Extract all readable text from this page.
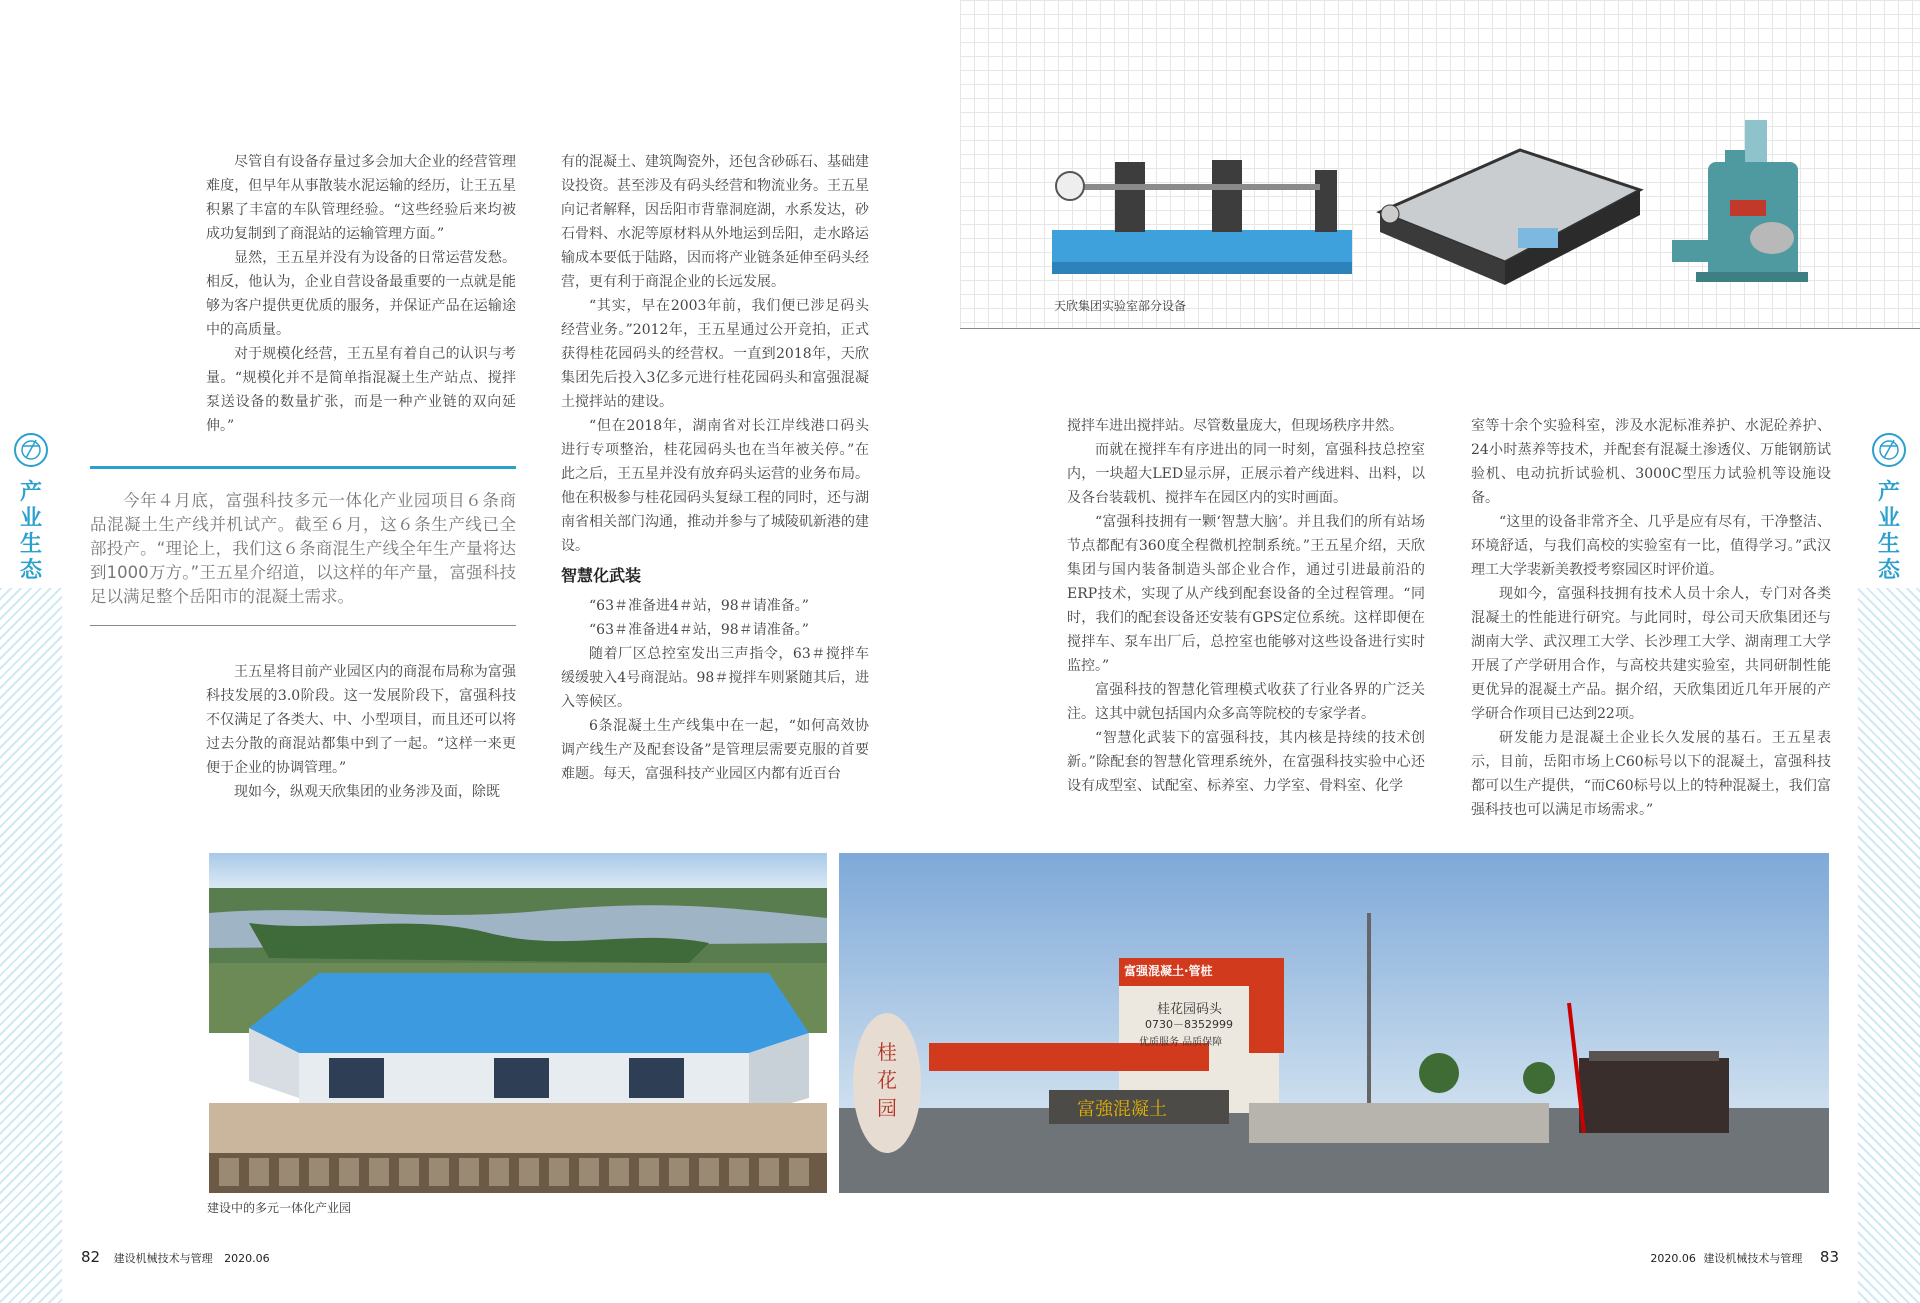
产业生态
产业生态

尽管自有设备存量过多会加大企业的经营管理难度，但早年从事散装水泥运输的经历，让王五星积累了丰富的车队管理经验。“这些经验后来均被成功复制到了商混站的运输管理方面。”

显然，王五星并没有为设备的日常运营发愁。相反，他认为，企业自营设备最重要的一点就是能够为客户提供更优质的服务，并保证产品在运输途中的高质量。

对于规模化经营，王五星有着自己的认识与考量。“规模化并不是简单指混凝土生产站点、搅拌泵送设备的数量扩张，而是一种产业链的双向延伸。”

今年４月底，富强科技多元一体化产业园项目６条商品混凝土生产线并机试产。截至６月，这６条生产线已全部投产。“理论上，我们这６条商混生产线全年生产量将达到1000万方。”王五星介绍道，以这样的年产量，富强科技足以满足整个岳阳市的混凝土需求。

王五星将目前产业园区内的商混布局称为富强科技发展的3.0阶段。这一发展阶段下，富强科技不仅满足了各类大、中、小型项目，而且还可以将过去分散的商混站都集中到了一起。“这样一来更便于企业的协调管理。”

现如今，纵观天欣集团的业务涉及面，除既

有的混凝土、建筑陶瓷外，还包含砂砾石、基础建设投资。甚至涉及有码头经营和物流业务。王五星向记者解释，因岳阳市背靠洞庭湖，水系发达，砂石骨料、水泥等原材料从外地运到岳阳，走水路运输成本要低于陆路，因而将产业链条延伸至码头经营，更有利于商混企业的长远发展。

“其实，早在2003年前，我们便已涉足码头经营业务。”2012年，王五星通过公开竞拍，正式获得桂花园码头的经营权。一直到2018年，天欣集团先后投入3亿多元进行桂花园码头和富强混凝土搅拌站的建设。

“但在2018年，湖南省对长江岸线港口码头进行专项整治，桂花园码头也在当年被关停。”在此之后，王五星并没有放弃码头运营的业务布局。他在积极参与桂花园码头复绿工程的同时，还与湖南省相关部门沟通，推动并参与了城陵矶新港的建设。

智慧化武装

“63＃准备进4＃站，98＃请准备。”

“63＃准备进4＃站，98＃请准备。”

随着厂区总控室发出三声指令，63＃搅拌车缓缓驶入4号商混站。98＃搅拌车则紧随其后，进入等候区。

6条混凝土生产线集中在一起，“如何高效协调产线生产及配套设备”是管理层需要克服的首要难题。每天，富强科技产业园区内都有近百台

天欣集团实验室部分设备

搅拌车进出搅拌站。尽管数量庞大，但现场秩序井然。

而就在搅拌车有序进出的同一时刻，富强科技总控室内，一块超大LED显示屏，正展示着产线进料、出料，以及各台装载机、搅拌车在园区内的实时画面。

“富强科技拥有一颗‘智慧大脑’。并且我们的所有站场节点都配有360度全程微机控制系统。”王五星介绍，天欣集团与国内装备制造头部企业合作，通过引进最前沿的ERP技术，实现了从产线到配套设备的全过程管理。“同时，我们的配套设备还安装有GPS定位系统。这样即便在搅拌车、泵车出厂后，总控室也能够对这些设备进行实时监控。”

富强科技的智慧化管理模式收获了行业各界的广泛关注。这其中就包括国内众多高等院校的专家学者。

“智慧化武装下的富强科技，其内核是持续的技术创新。”除配套的智慧化管理系统外，在富强科技实验中心还设有成型室、试配室、标养室、力学室、骨料室、化学

室等十余个实验科室，涉及水泥标准养护、水泥砼养护、24小时蒸养等技术，并配套有混凝土渗透仪、万能钢筋试验机、电动抗折试验机、3000C型压力试验机等设施设备。

“这里的设备非常齐全、几乎是应有尽有，干净整洁、环境舒适，与我们高校的实验室有一比，值得学习。”武汉理工大学裴新美教授考察园区时评价道。

现如今，富强科技拥有技术人员十余人，专门对各类混凝土的性能进行研究。与此同时，母公司天欣集团还与湖南大学、武汉理工大学、长沙理工大学、湖南理工大学开展了产学研用合作，与高校共建实验室，共同研制性能更优异的混凝土产品。据介绍，天欣集团近几年开展的产学研合作项目已达到22项。

研发能力是混凝土企业长久发展的基石。王五星表示，目前，岳阳市场上C60标号以下的混凝土，富强科技都可以生产提供，“而C60标号以上的特种混凝土，我们富强科技也可以满足市场需求。”

建设中的多元一体化产业园
富强混凝土·管桩
桂花园码头
0730－8352999
优质服务 品质保障
桂花园	富強混凝土
82 建设机械技术与管理 2020.06	2020.06 建设机械技术与管理 83
